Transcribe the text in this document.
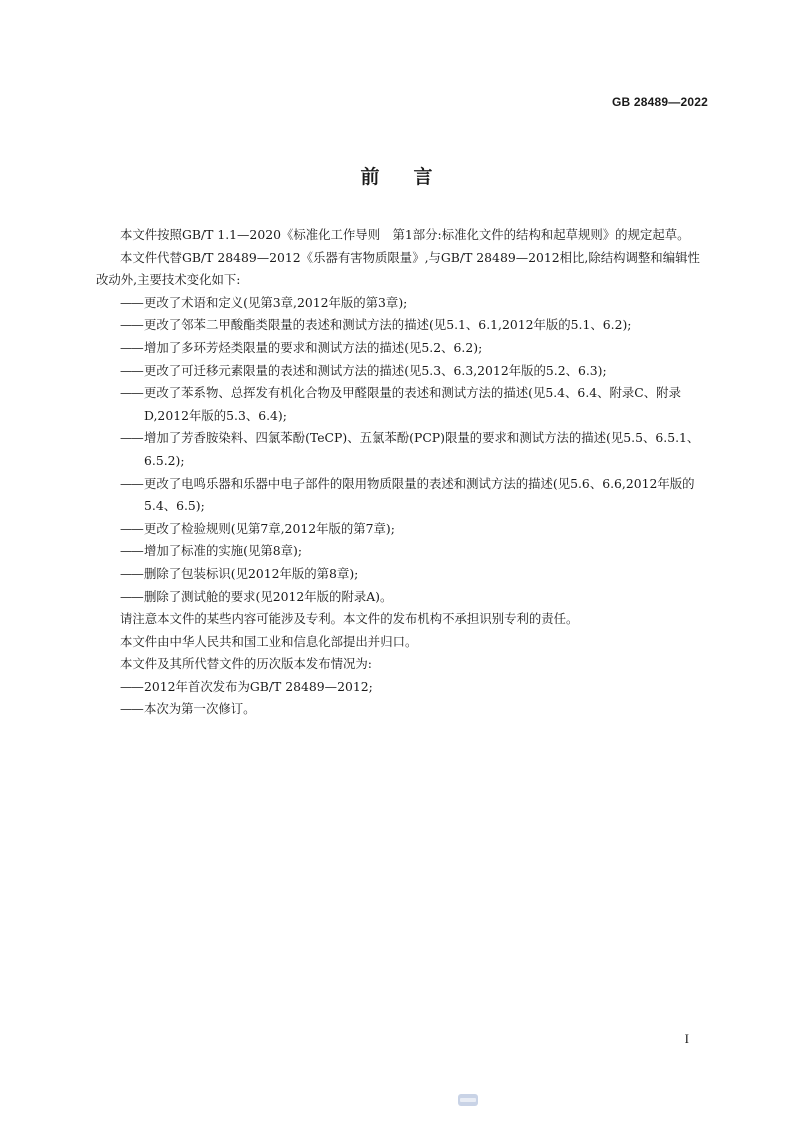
GB 28489—2022
前言

本文件按照GB/T 1.1—2020《标准化工作导则　第1部分:标准化文件的结构和起草规则》的规定起草。

本文件代替GB/T 28489—2012《乐器有害物质限量》,与GB/T 28489—2012相比,除结构调整和编辑性改动外,主要技术变化如下:

——更改了术语和定义(见第3章,2012年版的第3章);

——更改了邻苯二甲酸酯类限量的表述和测试方法的描述(见5.1、6.1,2012年版的5.1、6.2);

——增加了多环芳烃类限量的要求和测试方法的描述(见5.2、6.2);

——更改了可迁移元素限量的表述和测试方法的描述(见5.3、6.3,2012年版的5.2、6.3);

——更改了苯系物、总挥发有机化合物及甲醛限量的表述和测试方法的描述(见5.4、6.4、附录C、附录D,2012年版的5.3、6.4);

——增加了芳香胺染料、四氯苯酚(TeCP)、五氯苯酚(PCP)限量的要求和测试方法的描述(见5.5、6.5.1、6.5.2);

——更改了电鸣乐器和乐器中电子部件的限用物质限量的表述和测试方法的描述(见5.6、6.6,2012年版的5.4、6.5);

——更改了检验规则(见第7章,2012年版的第7章);

——增加了标准的实施(见第8章);

——删除了包装标识(见2012年版的第8章);

——删除了测试舱的要求(见2012年版的附录A)。

请注意本文件的某些内容可能涉及专利。本文件的发布机构不承担识别专利的责任。

本文件由中华人民共和国工业和信息化部提出并归口。

本文件及其所代替文件的历次版本发布情况为:

——2012年首次发布为GB/T 28489—2012;

——本次为第一次修订。

I
